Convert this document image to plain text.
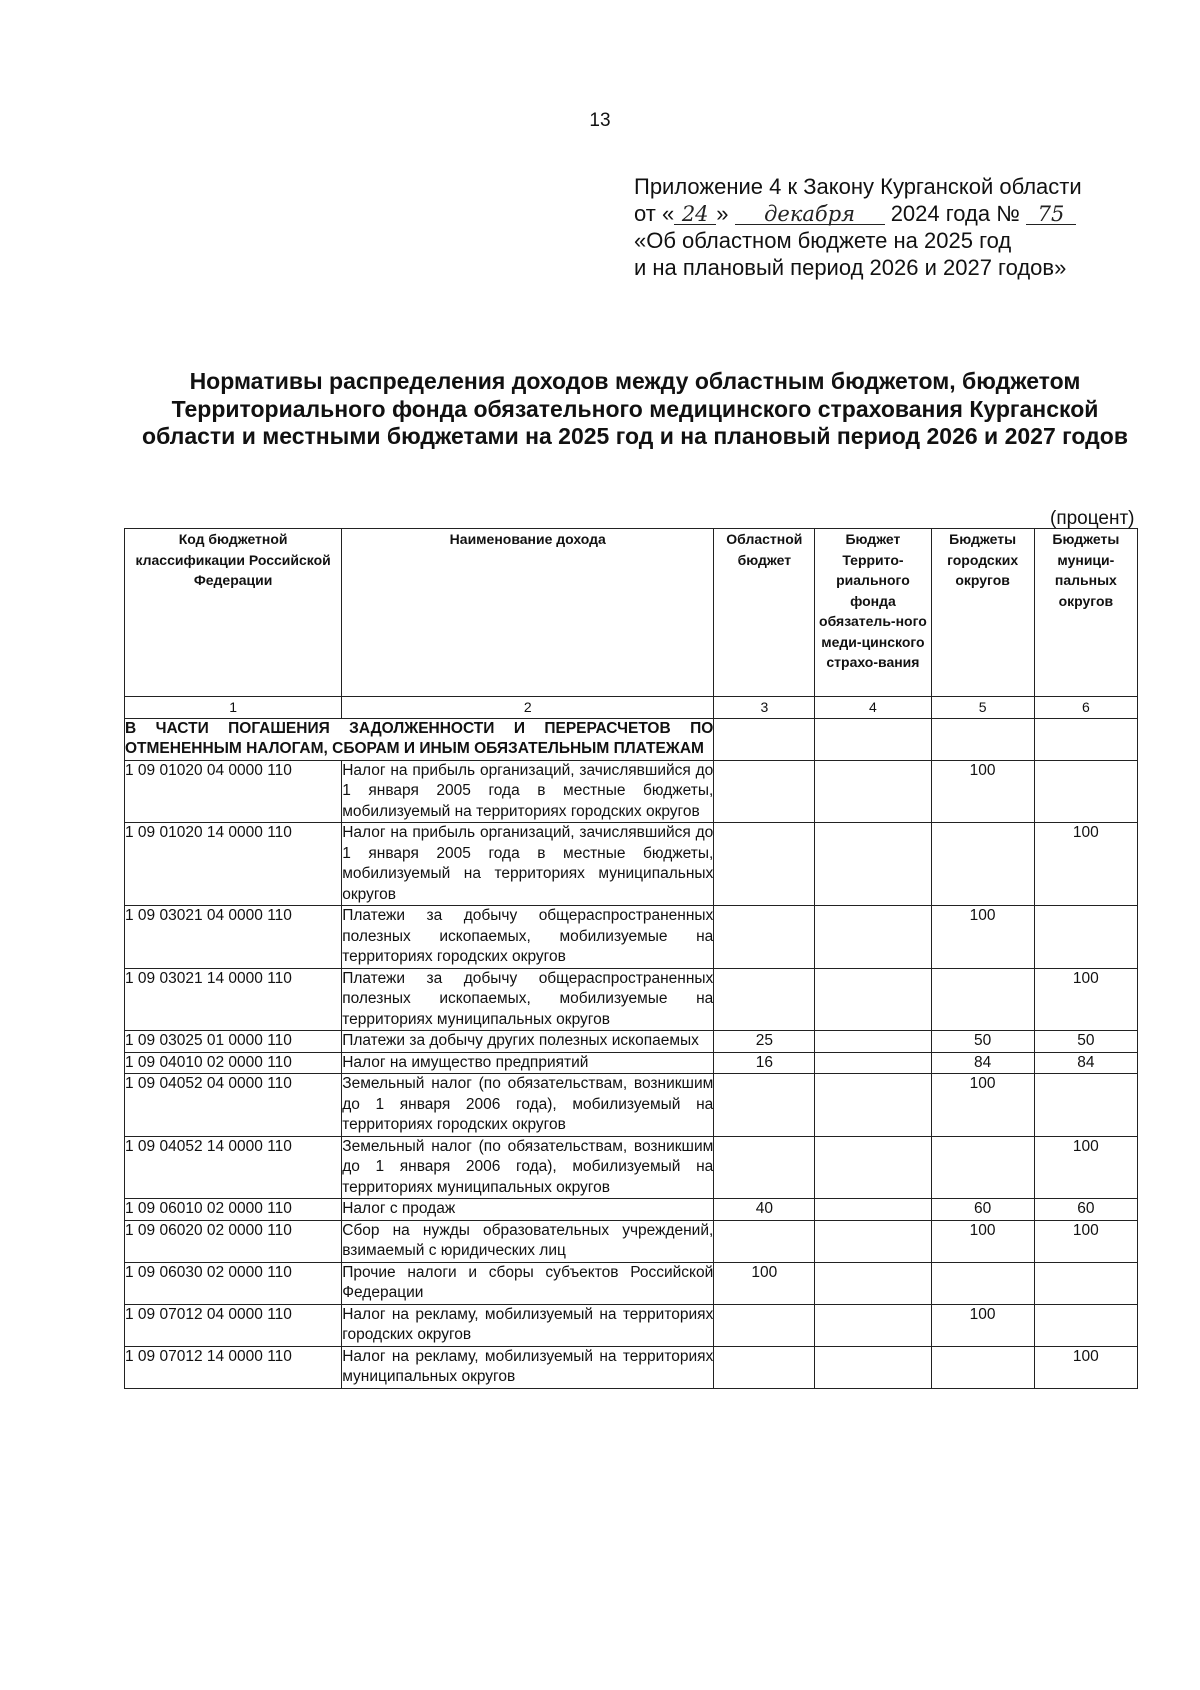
13
Приложение 4 к Закону Курганской области
от « 24 » декабря 2024 года № 75
«Об областном бюджете на 2025 год
и на плановый период 2026 и 2027 годов»
Нормативы распределения доходов между областным бюджетом, бюджетом Территориального фонда обязательного медицинского страхования Курганской области и местными бюджетами на 2025 год и на плановый период 2026 и 2027 годов
(процент)
Код бюджетной классификации Российской Федерации	Наименование дохода	Областной бюджет	Бюджет Террито-риального фонда обязатель-ного меди-цинского страхо-вания	Бюджеты городских округов	Бюджеты муници-пальных округов
1	2	3	4	5	6
В ЧАСТИ ПОГАШЕНИЯ ЗАДОЛЖЕННОСТИ И ПЕРЕРАСЧЕТОВ ПО ОТМЕНЕННЫМ НАЛОГАМ, СБОРАМ И ИНЫМ ОБЯЗАТЕЛЬНЫМ ПЛАТЕЖАМ					
1 09 01020 04 0000 110	Налог на прибыль организаций, зачислявшийся до 1 января 2005 года в местные бюджеты, мобилизуемый на территориях городских округов			100	
1 09 01020 14 0000 110	Налог на прибыль организаций, зачислявшийся до 1 января 2005 года в местные бюджеты, мобилизуемый на территориях муниципальных округов				100
1 09 03021 04 0000 110	Платежи за добычу общераспространенных полезных ископаемых, мобилизуемые на территориях городских округов			100	
1 09 03021 14 0000 110	Платежи за добычу общераспространенных полезных ископаемых, мобилизуемые на территориях муниципальных округов				100
1 09 03025 01 0000 110	Платежи за добычу других полезных ископаемых	25		50	50
1 09 04010 02 0000 110	Налог на имущество предприятий	16		84	84
1 09 04052 04 0000 110	Земельный налог (по обязательствам, возникшим до 1 января 2006 года), мобилизуемый на территориях городских округов			100	
1 09 04052 14 0000 110	Земельный налог (по обязательствам, возникшим до 1 января 2006 года), мобилизуемый на территориях муниципальных округов				100
1 09 06010 02 0000 110	Налог с продаж	40		60	60
1 09 06020 02 0000 110	Сбор на нужды образовательных учреждений, взимаемый с юридических лиц			100	100
1 09 06030 02 0000 110	Прочие налоги и сборы субъектов Российской Федерации	100			
1 09 07012 04 0000 110	Налог на рекламу, мобилизуемый на территориях городских округов			100	
1 09 07012 14 0000 110	Налог на рекламу, мобилизуемый на территориях муниципальных округов				100
